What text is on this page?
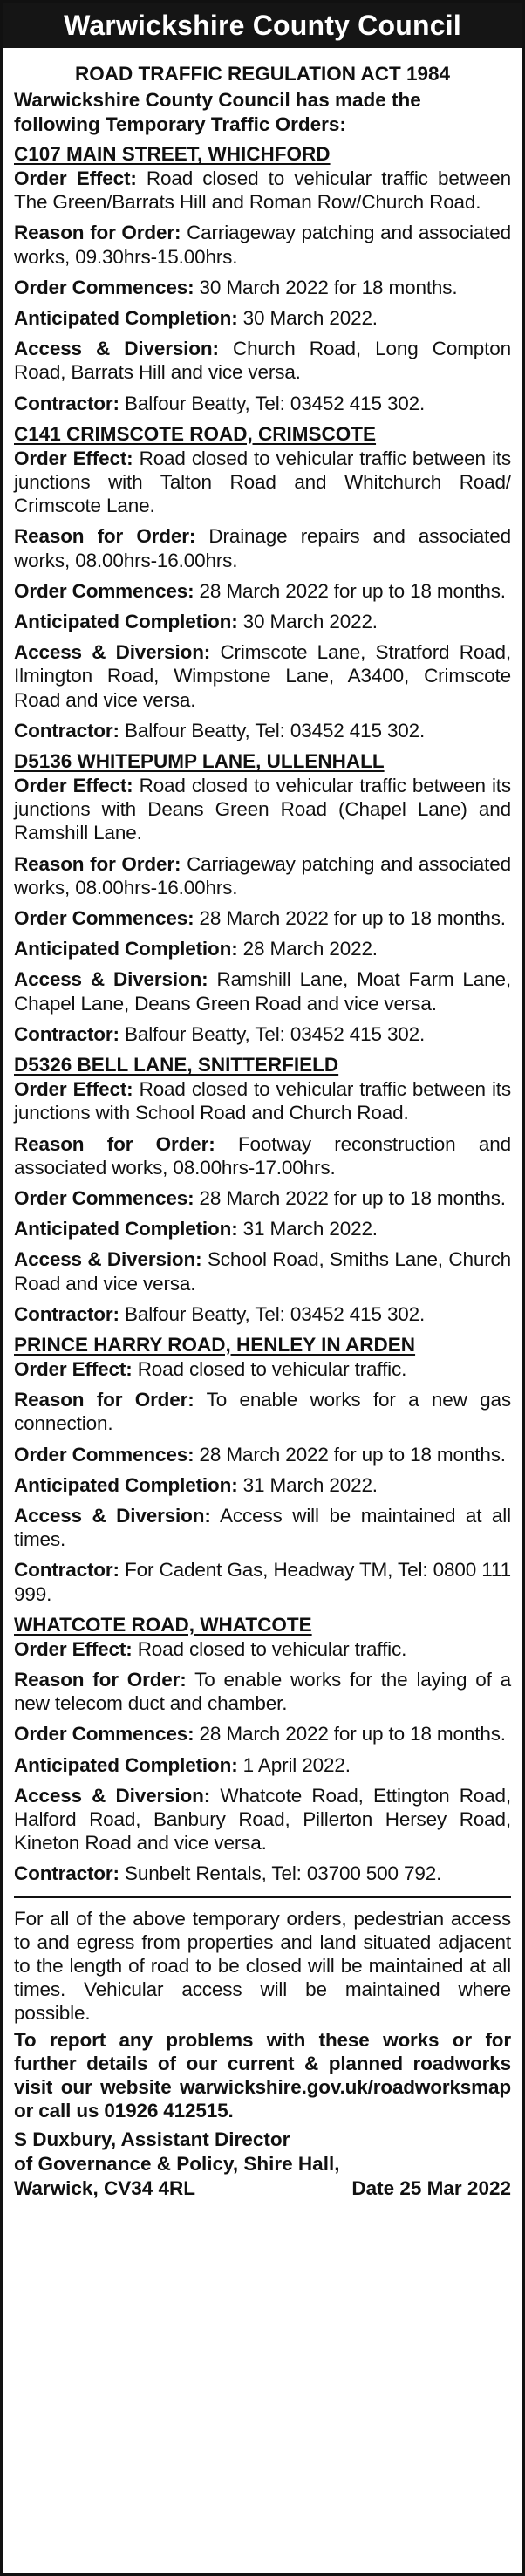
Warwickshire County Council
ROAD TRAFFIC REGULATION ACT 1984
Warwickshire County Council has made the following Temporary Traffic Orders:
C107 MAIN STREET, WHICHFORD
Order Effect: Road closed to vehicular traffic between The Green/Barrats Hill and Roman Row/Church Road.
Reason for Order: Carriageway patching and associated works, 09.30hrs-15.00hrs.
Order Commences: 30 March 2022 for 18 months.
Anticipated Completion: 30 March 2022.
Access & Diversion: Church Road, Long Compton Road, Barrats Hill and vice versa.
Contractor: Balfour Beatty, Tel: 03452 415 302.
C141 CRIMSCOTE ROAD, CRIMSCOTE
Order Effect: Road closed to vehicular traffic between its junctions with Talton Road and Whitchurch Road/ Crimscote Lane.
Reason for Order: Drainage repairs and associated works, 08.00hrs-16.00hrs.
Order Commences: 28 March 2022 for up to 18 months.
Anticipated Completion: 30 March 2022.
Access & Diversion: Crimscote Lane, Stratford Road, Ilmington Road, Wimpstone Lane, A3400, Crimscote Road and vice versa.
Contractor: Balfour Beatty, Tel: 03452 415 302.
D5136 WHITEPUMP LANE, ULLENHALL
Order Effect: Road closed to vehicular traffic between its junctions with Deans Green Road (Chapel Lane) and Ramshill Lane.
Reason for Order: Carriageway patching and associated works, 08.00hrs-16.00hrs.
Order Commences: 28 March 2022 for up to 18 months.
Anticipated Completion: 28 March 2022.
Access & Diversion: Ramshill Lane, Moat Farm Lane, Chapel Lane, Deans Green Road and vice versa.
Contractor: Balfour Beatty, Tel: 03452 415 302.
D5326 BELL LANE, SNITTERFIELD
Order Effect: Road closed to vehicular traffic between its junctions with School Road and Church Road.
Reason for Order: Footway reconstruction and associated works, 08.00hrs-17.00hrs.
Order Commences: 28 March 2022 for up to 18 months.
Anticipated Completion: 31 March 2022.
Access & Diversion: School Road, Smiths Lane, Church Road and vice versa.
Contractor: Balfour Beatty, Tel: 03452 415 302.
PRINCE HARRY ROAD, HENLEY IN ARDEN
Order Effect: Road closed to vehicular traffic.
Reason for Order: To enable works for a new gas connection.
Order Commences: 28 March 2022 for up to 18 months.
Anticipated Completion: 31 March 2022.
Access & Diversion: Access will be maintained at all times.
Contractor: For Cadent Gas, Headway TM, Tel: 0800 111 999.
WHATCOTE ROAD, WHATCOTE
Order Effect: Road closed to vehicular traffic.
Reason for Order: To enable works for the laying of a new telecom duct and chamber.
Order Commences: 28 March 2022 for up to 18 months.
Anticipated Completion: 1 April 2022.
Access & Diversion: Whatcote Road, Ettington Road, Halford Road, Banbury Road, Pillerton Hersey Road, Kineton Road and vice versa.
Contractor: Sunbelt Rentals, Tel: 03700 500 792.
For all of the above temporary orders, pedestrian access to and egress from properties and land situated adjacent to the length of road to be closed will be maintained at all times. Vehicular access will be maintained where possible.
To report any problems with these works or for further details of our current & planned roadworks visit our website warwickshire.gov.uk/roadworksmap or call us 01926 412515.
S Duxbury, Assistant Director
of Governance & Policy, Shire Hall,
Warwick, CV34 4RL	Date 25 Mar 2022
